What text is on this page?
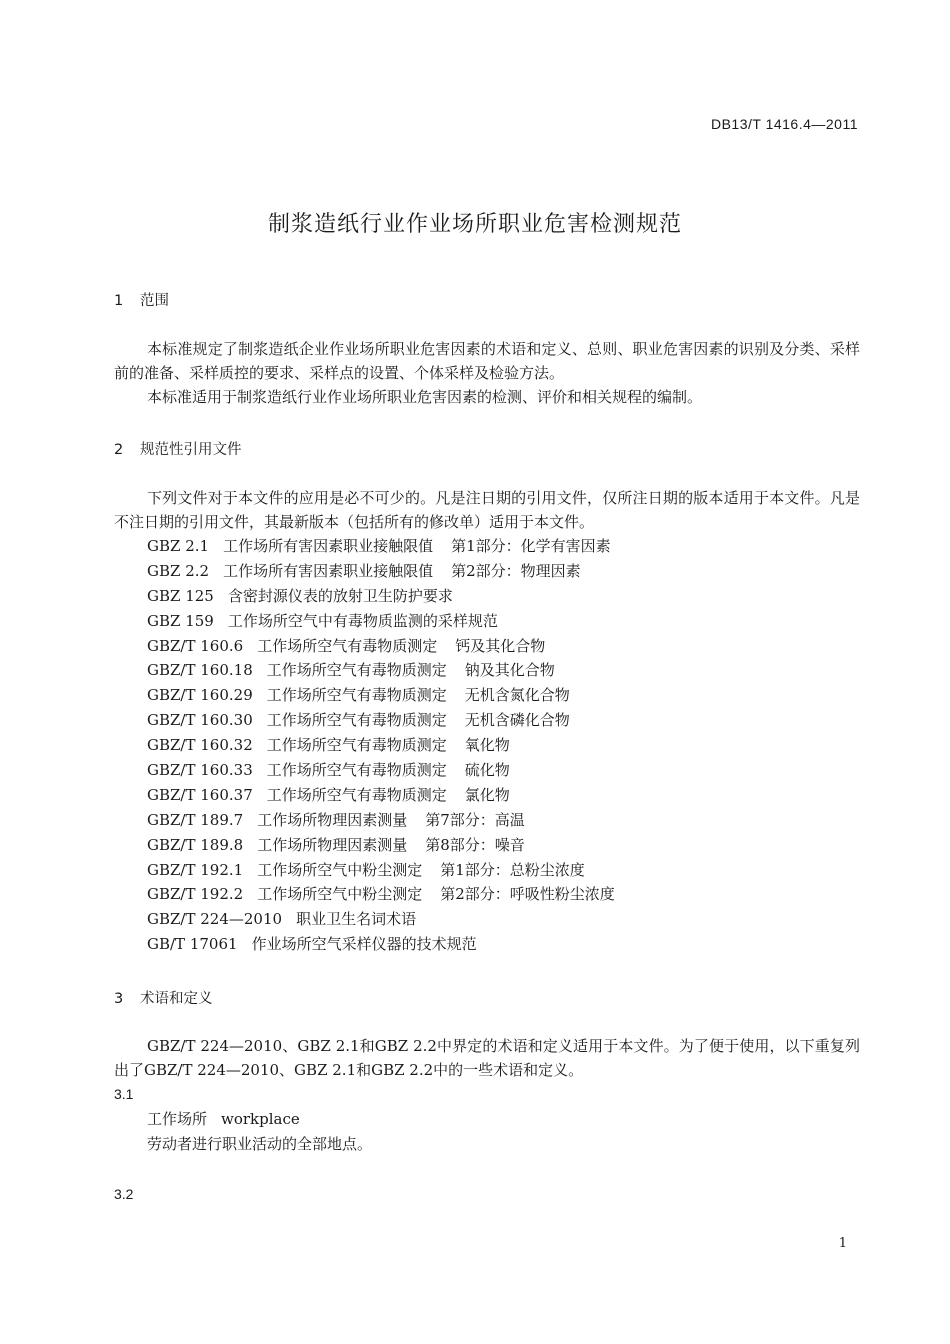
DB13/T 1416.4—2011
制浆造纸行业作业场所职业危害检测规范
1 范围
本标准规定了制浆造纸企业作业场所职业危害因素的术语和定义、总则、职业危害因素的识别及分类、采样前的准备、采样质控的要求、采样点的设置、个体采样及检验方法。
本标准适用于制浆造纸行业作业场所职业危害因素的检测、评价和相关规程的编制。
2 规范性引用文件
下列文件对于本文件的应用是必不可少的。凡是注日期的引用文件，仅所注日期的版本适用于本文件。凡是不注日期的引用文件，其最新版本（包括所有的修改单）适用于本文件。
GBZ 2.1 工作场所有害因素职业接触限值 第1部分：化学有害因素
GBZ 2.2 工作场所有害因素职业接触限值 第2部分：物理因素
GBZ 125 含密封源仪表的放射卫生防护要求
GBZ 159 工作场所空气中有毒物质监测的采样规范
GBZ/T 160.6 工作场所空气有毒物质测定 钙及其化合物
GBZ/T 160.18 工作场所空气有毒物质测定 钠及其化合物
GBZ/T 160.29 工作场所空气有毒物质测定 无机含氮化合物
GBZ/T 160.30 工作场所空气有毒物质测定 无机含磷化合物
GBZ/T 160.32 工作场所空气有毒物质测定 氧化物
GBZ/T 160.33 工作场所空气有毒物质测定 硫化物
GBZ/T 160.37 工作场所空气有毒物质测定 氯化物
GBZ/T 189.7 工作场所物理因素测量 第7部分：高温
GBZ/T 189.8 工作场所物理因素测量 第8部分：噪音
GBZ/T 192.1 工作场所空气中粉尘测定 第1部分：总粉尘浓度
GBZ/T 192.2 工作场所空气中粉尘测定 第2部分：呼吸性粉尘浓度
GBZ/T 224—2010 职业卫生名词术语
GB/T 17061 作业场所空气采样仪器的技术规范
3 术语和定义
GBZ/T 224—2010、GBZ 2.1和GBZ 2.2中界定的术语和定义适用于本文件。为了便于使用，以下重复列出了GBZ/T 224—2010、GBZ 2.1和GBZ 2.2中的一些术语和定义。
3.1
工作场所 workplace
劳动者进行职业活动的全部地点。
3.2
1
